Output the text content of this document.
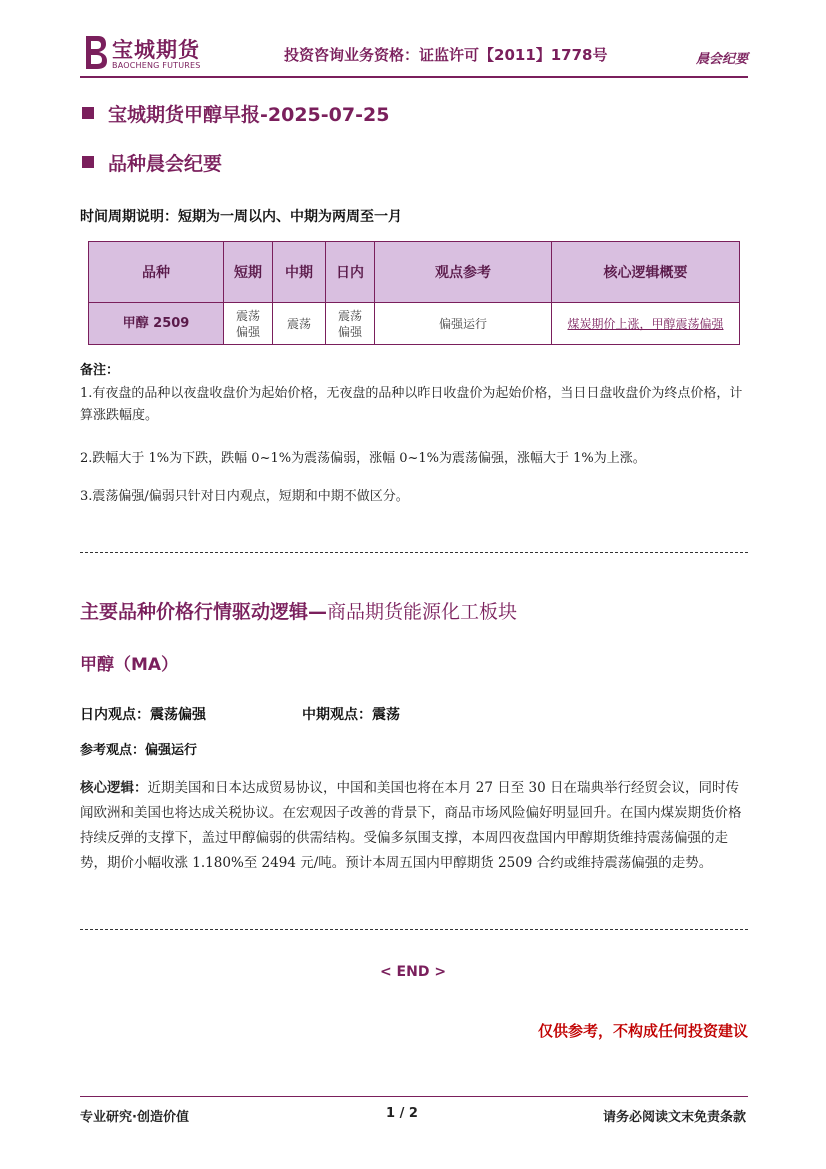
宝城期货
BAOCHENG FUTURES
投资咨询业务资格：证监许可【2011】1778号	晨会纪要
宝城期货甲醇早报-2025-07-25
品种晨会纪要
时间周期说明：短期为一周以内、中期为两周至一月
品种	短期	中期	日内	观点参考	核心逻辑概要
甲醇 2509	震荡偏强	震荡	震荡偏强	偏强运行	煤炭期价上涨，甲醇震荡偏强
备注：
1.有夜盘的品种以夜盘收盘价为起始价格，无夜盘的品种以昨日收盘价为起始价格，当日日盘收盘价为终点价格，计算涨跌幅度。
2.跌幅大于 1%为下跌，跌幅 0~1%为震荡偏弱，涨幅 0~1%为震荡偏强，涨幅大于 1%为上涨。
3.震荡偏强/偏弱只针对日内观点，短期和中期不做区分。
主要品种价格行情驱动逻辑—商品期货能源化工板块
甲醇（MA）
日内观点：震荡偏强	中期观点：震荡
参考观点：偏强运行
核心逻辑：近期美国和日本达成贸易协议，中国和美国也将在本月 27 日至 30 日在瑞典举行经贸会议，同时传闻欧洲和美国也将达成关税协议。在宏观因子改善的背景下，商品市场风险偏好明显回升。在国内煤炭期货价格持续反弹的支撑下，盖过甲醇偏弱的供需结构。受偏多氛围支撑，本周四夜盘国内甲醇期货维持震荡偏强的走势，期价小幅收涨 1.180%至 2494 元/吨。预计本周五国内甲醇期货 2509 合约或维持震荡偏强的走势。
< END >
仅供参考，不构成任何投资建议
专业研究·创造价值	1 / 2	请务必阅读文末免责条款
